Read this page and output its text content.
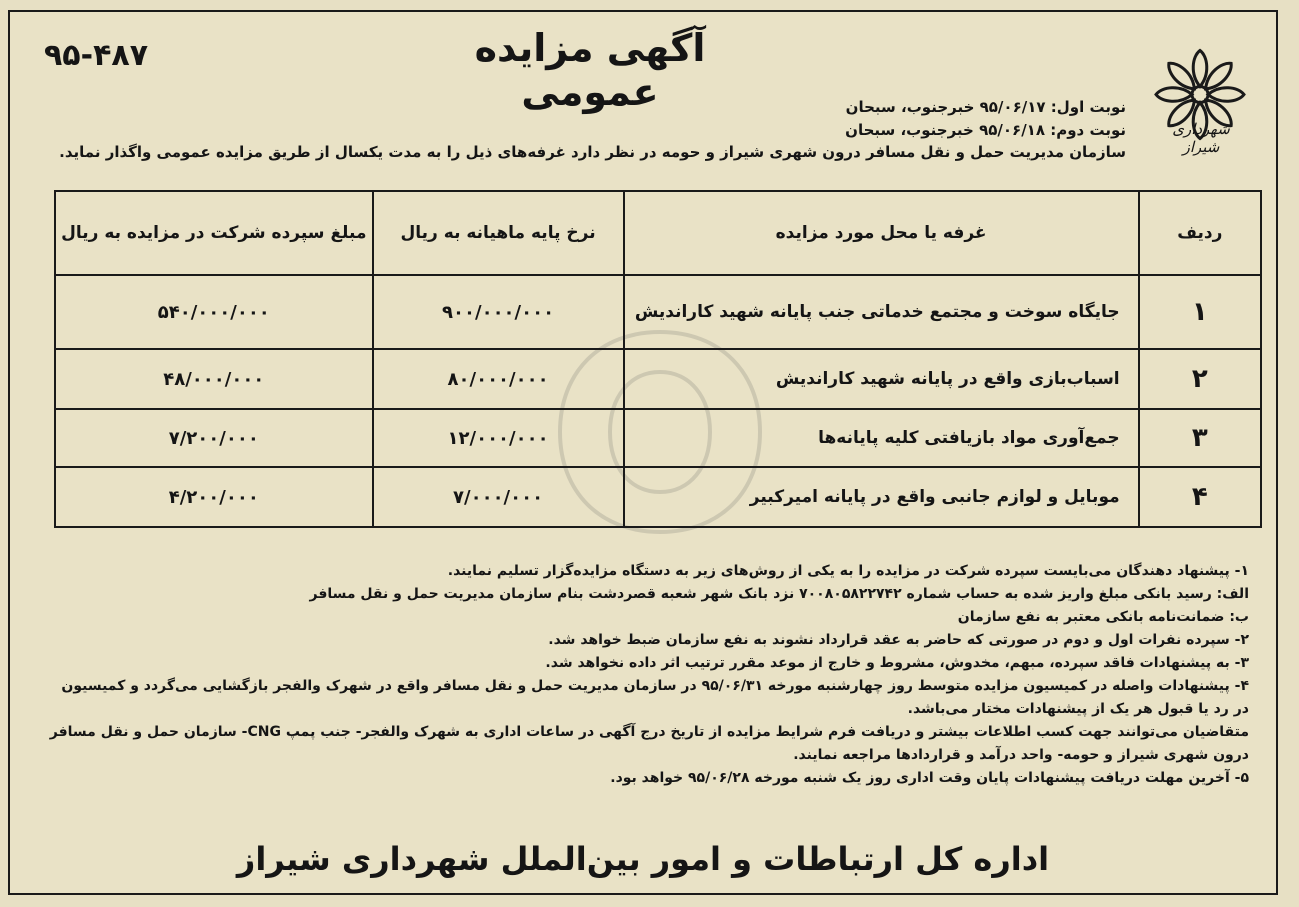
۹۵-۴۸۷	آگهی مزایده عمومی
شهرداری شیراز
نوبت اول: ۹۵/۰۶/۱۷ خبرجنوب، سبحان
نوبت دوم: ۹۵/۰۶/۱۸ خبرجنوب، سبحان
سازمان مدیریت حمل و نقل مسافر درون شهری شیراز و حومه در نظر دارد غرفه‌های ذیل را به مدت یکسال از طریق مزایده عمومی واگذار نماید.
ردیف	غرفه یا محل مورد مزایده	نرخ پایه ماهیانه به ریال	مبلغ سپرده شرکت در مزایده به ریال
۱	جایگاه سوخت و مجتمع خدماتی جنب پایانه شهید کاراندیش	۹۰۰/۰۰۰/۰۰۰	۵۴۰/۰۰۰/۰۰۰
۲	اسباب‌بازی واقع در پایانه شهید کاراندیش	۸۰/۰۰۰/۰۰۰	۴۸/۰۰۰/۰۰۰
۳	جمع‌آوری مواد بازیافتی کلیه پایانه‌ها	۱۲/۰۰۰/۰۰۰	۷/۲۰۰/۰۰۰
۴	موبایل و لوازم جانبی واقع در پایانه امیرکبیر	۷/۰۰۰/۰۰۰	۴/۲۰۰/۰۰۰

۱- پیشنهاد دهندگان می‌بایست سپرده شرکت در مزایده را به یکی از روش‌های زیر به دستگاه مزایده‌گزار تسلیم نمایند.

الف: رسید بانکی مبلغ واریز شده به حساب شماره ۷۰۰۸۰۵۸۲۲۷۴۲ نزد بانک شهر شعبه قصردشت بنام سازمان مدیریت حمل و نقل مسافر

ب: ضمانت‌نامه بانکی معتبر به نفع سازمان

۲- سپرده نفرات اول و دوم در صورتی که حاضر به عقد قرارداد نشوند به نفع سازمان ضبط خواهد شد.

۳- به پیشنهادات فاقد سپرده، مبهم، مخدوش، مشروط و خارج از موعد مقرر ترتیب اثر داده نخواهد شد.

۴- پیشنهادات واصله در کمیسیون مزایده متوسط روز چهارشنبه مورخه ۹۵/۰۶/۳۱ در سازمان مدیریت حمل و نقل مسافر واقع در شهرک والفجر بازگشایی می‌گردد و کمیسیون در رد یا قبول هر یک از پیشنهادات مختار می‌باشد.

متقاضیان می‌توانند جهت کسب اطلاعات بیشتر و دریافت فرم شرایط مزایده از تاریخ درج آگهی در ساعات اداری به شهرک والفجر- جنب پمپ CNG- سازمان حمل و نقل مسافر درون شهری شیراز و حومه- واحد درآمد و قراردادها مراجعه نمایند.

۵- آخرین مهلت دریافت پیشنهادات پایان وقت اداری روز یک شنبه مورخه ۹۵/۰۶/۲۸ خواهد بود.

اداره کل ارتباطات و امور بین‌الملل شهرداری شیراز
